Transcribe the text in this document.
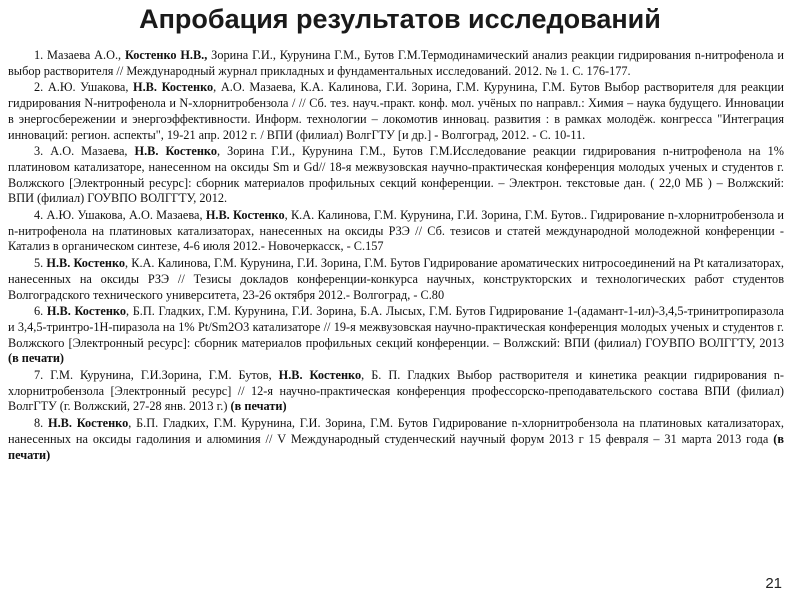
Апробация результатов исследований

1. Мазаева А.О., Костенко Н.В., Зорина Г.И., Курунина Г.М., Бутов Г.М.Термодинамический анализ реакции гидрирования n-нитрофенола и выбор растворителя // Международный журнал прикладных и фундаментальных исследований. 2012. № 1. С. 176-177.

2. А.Ю. Ушакова, Н.В. Костенко, А.О. Мазаева, К.А. Калинова, Г.И. Зорина, Г.М. Курунина, Г.М. Бутов Выбор растворителя для реакции гидрирования N-нитрофенола и N-хлорнитробензола / // Сб. тез. науч.-практ. конф. мол. учёных по направл.: Химия – наука будущего. Инновации в энергосбережении и энергоэффективности. Информ. технологии – локомотив инновац. развития : в рамках молодёж. конгресса "Интеграция инноваций: регион. аспекты", 19-21 апр. 2012 г. / ВПИ (филиал) ВолгГТУ [и др.] - Волгоград, 2012. - С. 10-11.

3. А.О. Мазаева, Н.В. Костенко, Зорина Г.И., Курунина Г.М., Бутов Г.М.Исследование реакции гидрирования n-нитрофенола на 1% платиновом катализаторе, нанесенном на оксиды Sm и Gd// 18-я межвузовская научно-практическая конференция молодых ученых и студентов г. Волжского [Электронный ресурс]: сборник материалов профильных секций конференции. – Электрон. текстовые дан. ( 22,0 МБ ) – Волжский: ВПИ (филиал) ГОУВПО ВОЛГГТУ, 2012.

4. А.Ю. Ушакова, А.О. Мазаева, Н.В. Костенко, К.А. Калинова, Г.М. Курунина, Г.И. Зорина, Г.М. Бутов.. Гидрирование n-хлорнитробензола и n-нитрофенола на платиновых катализаторах, нанесенных на оксиды РЗЭ // Сб. тезисов и статей международной молодежной конференции - Катализ в органическом синтезе, 4-6 июля 2012.- Новочеркасск, - С.157

5. Н.В. Костенко, К.А. Калинова, Г.М. Курунина, Г.И. Зорина, Г.М. Бутов Гидрирование ароматических нитросоединений на Pt катализаторах, нанесенных на оксиды РЗЭ // Тезисы докладов конференции-конкурса научных, конструкторских и технологических работ студентов Волгоградского технического университета, 23-26 октября 2012.- Волгоград, - С.80

6. Н.В. Костенко, Б.П. Гладких, Г.М. Курунина, Г.И. Зорина, Б.А. Лысых, Г.М. Бутов Гидрирование 1-(адамант-1-ил)-3,4,5-тринитропиразола и 3,4,5-тринтро-1H-пиразола на 1% Pt/Sm2O3 катализаторе // 19-я межвузовская научно-практическая конференция молодых ученых и студентов г. Волжского [Электронный ресурс]: сборник материалов профильных секций конференции. – Волжский: ВПИ (филиал) ГОУВПО ВОЛГГТУ, 2013 (в печати)

7. Г.М. Курунина, Г.И.Зорина, Г.М. Бутов, Н.В. Костенко, Б. П. Гладких Выбор растворителя и кинетика реакции гидрирования n-хлорнитробензола [Электронный ресурс] // 12-я научно-практическая конференция профессорско-преподавательского состава ВПИ (филиал) ВолгГТУ (г. Волжский, 27-28 янв. 2013 г.) (в печати)

8. Н.В. Костенко, Б.П. Гладких, Г.М. Курунина, Г.И. Зорина, Г.М. Бутов Гидрирование n-хлорнитробензола на платиновых катализаторах, нанесенных на оксиды гадолиния и алюминия // V Международный студенческий научный форум 2013 г 15 февраля – 31 марта 2013 года (в печати)

21
